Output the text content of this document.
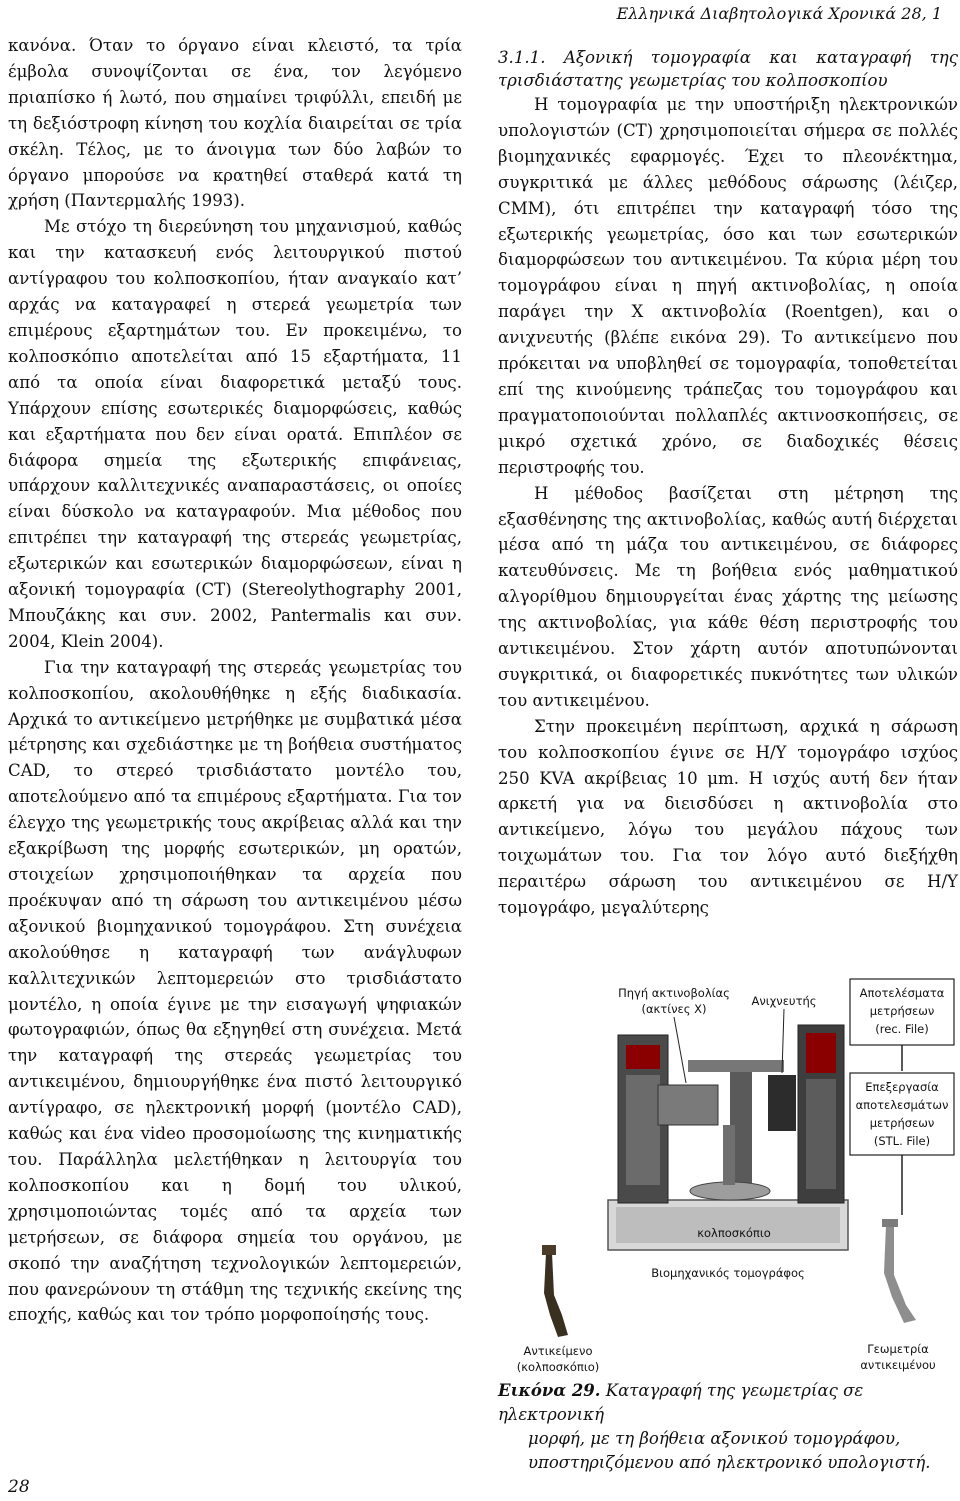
Ελληνικά Διαβητολογικά Χρονικά 28, 1

κανόνα. Όταν το όργανο είναι κλειστό, τα τρία έμβολα συνοψίζονται σε ένα, τον λεγόμενο πριαπίσκο ή λωτό, που σημαίνει τριφύλλι, επειδή με τη δεξιόστροφη κίνηση του κοχλία διαιρείται σε τρία σκέλη. Τέλος, με το άνοιγμα των δύο λαβών το όργανο μπορούσε να κρατηθεί σταθερά κατά τη χρήση (Παντερμαλής 1993).

Με στόχο τη διερεύνηση του μηχανισμού, καθώς και την κατασκευή ενός λειτουργικού πιστού αντίγραφου του κολποσκοπίου, ήταν αναγκαίο κατ’ αρχάς να καταγραφεί η στερεά γεωμετρία των επιμέρους εξαρτημάτων του. Εν προκειμένω, το κολποσκόπιο αποτελείται από 15 εξαρτήματα, 11 από τα οποία είναι διαφορετικά μεταξύ τους. Υπάρχουν επίσης εσωτερικές διαμορφώσεις, καθώς και εξαρτήματα που δεν είναι ορατά. Επιπλέον σε διάφορα σημεία της εξωτερικής επιφάνειας, υπάρχουν καλλιτεχνικές αναπαραστάσεις, οι οποίες είναι δύσκολο να καταγραφούν. Μια μέθοδος που επιτρέπει την καταγραφή της στερεάς γεωμετρίας, εξωτερικών και εσωτερικών διαμορφώσεων, είναι η αξονική τομογραφία (CT) (Stereolythography 2001, Μπουζάκης και συν. 2002, Pantermalis και συν. 2004, Klein 2004).

Για την καταγραφή της στερεάς γεωμετρίας του κολποσκοπίου, ακολουθήθηκε η εξής διαδικασία. Αρχικά το αντικείμενο μετρήθηκε με συμβατικά μέσα μέτρησης και σχεδιάστηκε με τη βοήθεια συστήματος CAD, το στερεό τρισδιάστατο μοντέλο του, αποτελούμενο από τα επιμέρους εξαρτήματα. Για τον έλεγχο της γεωμετρικής τους ακρίβειας αλλά και την εξακρίβωση της μορφής εσωτερικών, μη ορατών, στοιχείων χρησιμοποιήθηκαν τα αρχεία που προέκυψαν από τη σάρωση του αντικειμένου μέσω αξονικού βιομηχανικού τομογράφου. Στη συνέχεια ακολούθησε η καταγραφή των ανάγλυφων καλλιτεχνικών λεπτομερειών στο τρισδιάστατο μοντέλο, η οποία έγινε με την εισαγωγή ψηφιακών φωτογραφιών, όπως θα εξηγηθεί στη συνέχεια. Μετά την καταγραφή της στερεάς γεωμετρίας του αντικειμένου, δημιουργήθηκε ένα πιστό λειτουργικό αντίγραφο, σε ηλεκτρονική μορφή (μοντέλο CAD), καθώς και ένα video προσομοίωσης της κινηματικής του. Παράλληλα μελετήθηκαν η λειτουργία του κολποσκοπίου και η δομή του υλικού, χρησιμοποιώντας τομές από τα αρχεία των μετρήσεων, σε διάφορα σημεία του οργάνου, με σκοπό την αναζήτηση τεχνολογικών λεπτομερειών, που φανερώνουν τη στάθμη της τεχνικής εκείνης της εποχής, καθώς και τον τρόπο μορφοποίησής τους.

3.1.1. Αξονική τομογραφία και καταγραφή της τρισδιάστατης γεωμετρίας του κολποσκοπίου

Η τομογραφία με την υποστήριξη ηλεκτρονικών υπολογιστών (CT) χρησιμοποιείται σήμερα σε πολλές βιομηχανικές εφαρμογές. Έχει το πλεονέκτημα, συγκριτικά με άλλες μεθόδους σάρωσης (λέιζερ, CMM), ότι επιτρέπει την καταγραφή τόσο της εξωτερικής γεωμετρίας, όσο και των εσωτερικών διαμορφώσεων του αντικειμένου. Τα κύρια μέρη του τομογράφου είναι η πηγή ακτινοβολίας, η οποία παράγει την Χ ακτινοβολία (Roentgen), και ο ανιχνευτής (βλέπε εικόνα 29). Το αντικείμενο που πρόκειται να υποβληθεί σε τομογραφία, τοποθετείται επί της κινούμενης τράπεζας του τομογράφου και πραγματοποιούνται πολλαπλές ακτινοσκοπήσεις, σε μικρό σχετικά χρόνο, σε διαδοχικές θέσεις περιστροφής του.

Η μέθοδος βασίζεται στη μέτρηση της εξασθένησης της ακτινοβολίας, καθώς αυτή διέρχεται μέσα από τη μάζα του αντικειμένου, σε διάφορες κατευθύνσεις. Με τη βοήθεια ενός μαθηματικού αλγορίθμου δημιουργείται ένας χάρτης της μείωσης της ακτινοβολίας, για κάθε θέση περιστροφής του αντικειμένου. Στον χάρτη αυτόν αποτυπώνονται συγκριτικά, οι διαφορετικές πυκνότητες των υλικών του αντικειμένου.

Στην προκειμένη περίπτωση, αρχικά η σάρωση του κολποσκοπίου έγινε σε Η/Υ τομογράφο ισχύος 250 KVA ακρίβειας 10 μm. Η ισχύς αυτή δεν ήταν αρκετή για να διεισδύσει η ακτινοβολία στο αντικείμενο, λόγω του μεγάλου πάχους των τοιχωμάτων του. Για τον λόγο αυτό διεξήχθη περαιτέρω σάρωση του αντικειμένου σε Η/Υ τομογράφο, μεγαλύτερης

Αποτελέσματα
μετρήσεων
(rec. File)
Επεξεργασία
αποτελεσμάτων
μετρήσεων
(STL. File)
Πηγή ακτινοβολίας
(ακτίνες Χ)
Ανιχνευτής
κολποσκόπιο
Βιομηχανικός τομογράφος
Αντικείμενο
(κολποσκόπιο)
Γεωμετρία
αντικειμένου
Εικόνα 29. Καταγραφή της γεωμετρίας σε ηλεκτρονική
μορφή, με τη βοήθεια αξονικού τομογράφου, υποστηριζόμενου από ηλεκτρονικό υπολογιστή.
28
